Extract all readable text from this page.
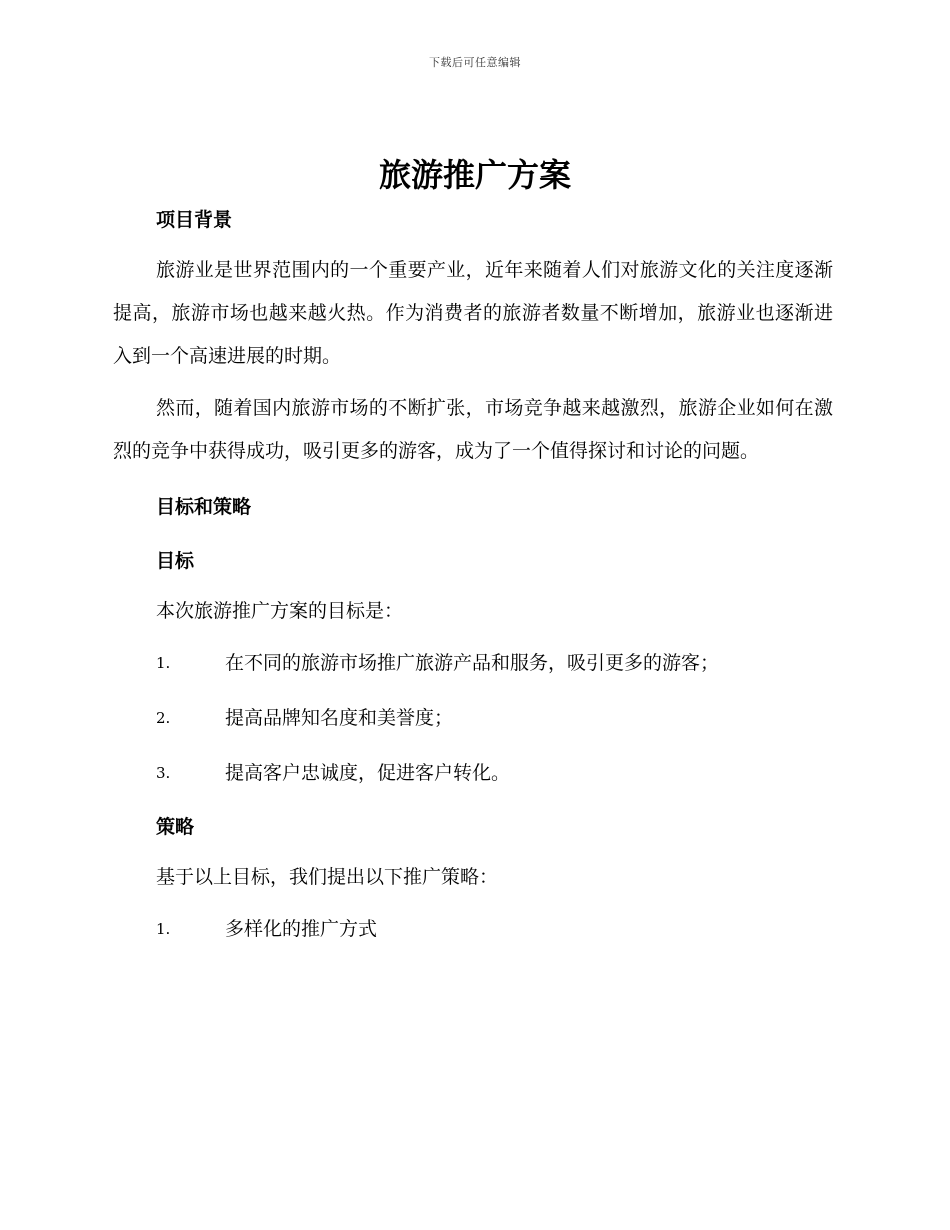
下载后可任意编辑
旅游推广方案
项目背景

旅游业是世界范围内的一个重要产业，近年来随着人们对旅游文化的关注度逐渐提高，旅游市场也越来越火热。作为消费者的旅游者数量不断增加，旅游业也逐渐进入到一个高速进展的时期。

然而，随着国内旅游市场的不断扩张，市场竞争越来越激烈，旅游企业如何在激烈的竞争中获得成功，吸引更多的游客，成为了一个值得探讨和讨论的问题。

目标和策略
目标

本次旅游推广方案的目标是：

1.	在不同的旅游市场推广旅游产品和服务，吸引更多的游客；
2.	提高品牌知名度和美誉度；
3.	提高客户忠诚度，促进客户转化。
策略

基于以上目标，我们提出以下推广策略：

1.	多样化的推广方式
